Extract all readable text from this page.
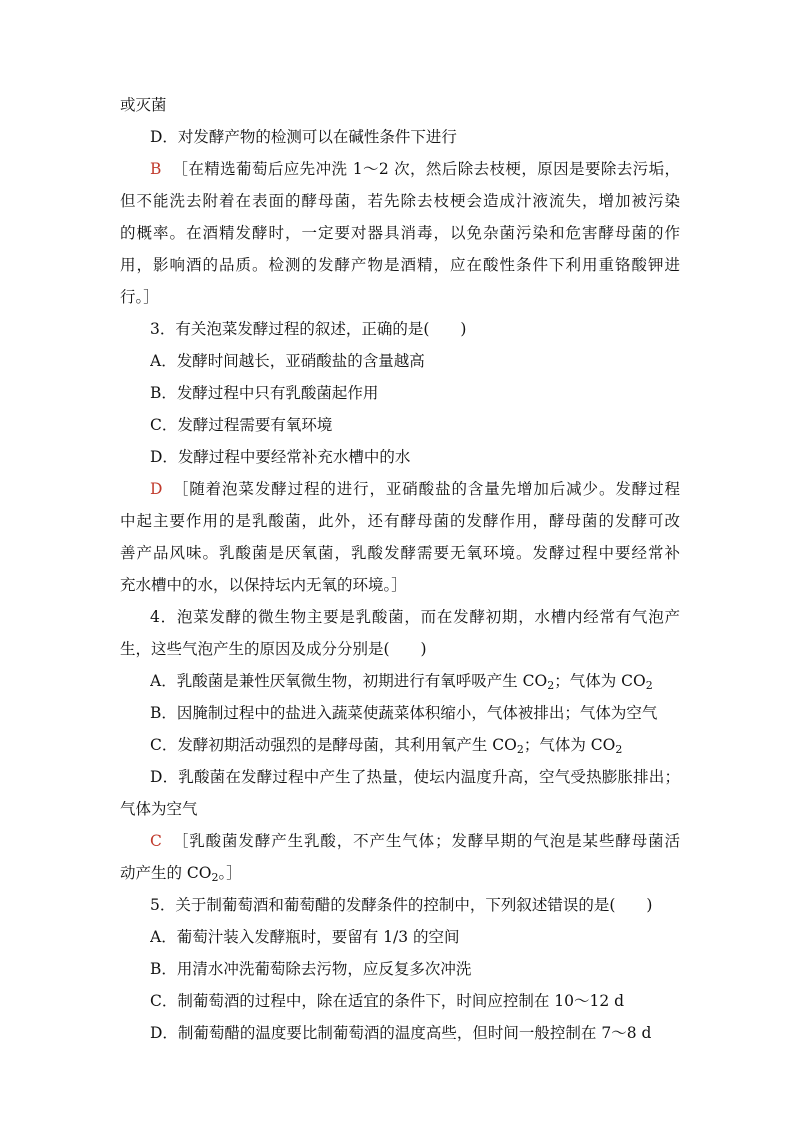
或灭菌
D．对发酵产物的检测可以在碱性条件下进行
B ［在精选葡萄后应先冲洗 1～2 次，然后除去枝梗，原因是要除去污垢，
但不能洗去附着在表面的酵母菌，若先除去枝梗会造成汁液流失，增加被污染
的概率。在酒精发酵时，一定要对器具消毒，以免杂菌污染和危害酵母菌的作
用，影响酒的品质。检测的发酵产物是酒精，应在酸性条件下利用重铬酸钾进
行。］
3．有关泡菜发酵过程的叙述，正确的是(　　)
A．发酵时间越长，亚硝酸盐的含量越高
B．发酵过程中只有乳酸菌起作用
C．发酵过程需要有氧环境
D．发酵过程中要经常补充水槽中的水
D ［随着泡菜发酵过程的进行，亚硝酸盐的含量先增加后减少。发酵过程
中起主要作用的是乳酸菌，此外，还有酵母菌的发酵作用，酵母菌的发酵可改
善产品风味。乳酸菌是厌氧菌，乳酸发酵需要无氧环境。发酵过程中要经常补
充水槽中的水，以保持坛内无氧的环境。］
4．泡菜发酵的微生物主要是乳酸菌，而在发酵初期，水槽内经常有气泡产
生，这些气泡产生的原因及成分分别是(　　)
A．乳酸菌是兼性厌氧微生物，初期进行有氧呼吸产生 $CO_2$；气体为 $CO_2$
B．因腌制过程中的盐进入蔬菜使蔬菜体积缩小，气体被排出；气体为空气
C．发酵初期活动强烈的是酵母菌，其利用氧产生 $CO_2$；气体为 $CO_2$
D．乳酸菌在发酵过程中产生了热量，使坛内温度升高，空气受热膨胀排出；
气体为空气
C ［乳酸菌发酵产生乳酸，不产生气体；发酵早期的气泡是某些酵母菌活
动产生的 $CO_2$。］
5．关于制葡萄酒和葡萄醋的发酵条件的控制中，下列叙述错误的是(　　)
A．葡萄汁装入发酵瓶时，要留有 1/3 的空间
B．用清水冲洗葡萄除去污物，应反复多次冲洗
C．制葡萄酒的过程中，除在适宜的条件下，时间应控制在 10～12 d
D．制葡萄醋的温度要比制葡萄酒的温度高些，但时间一般控制在 7～8 d
